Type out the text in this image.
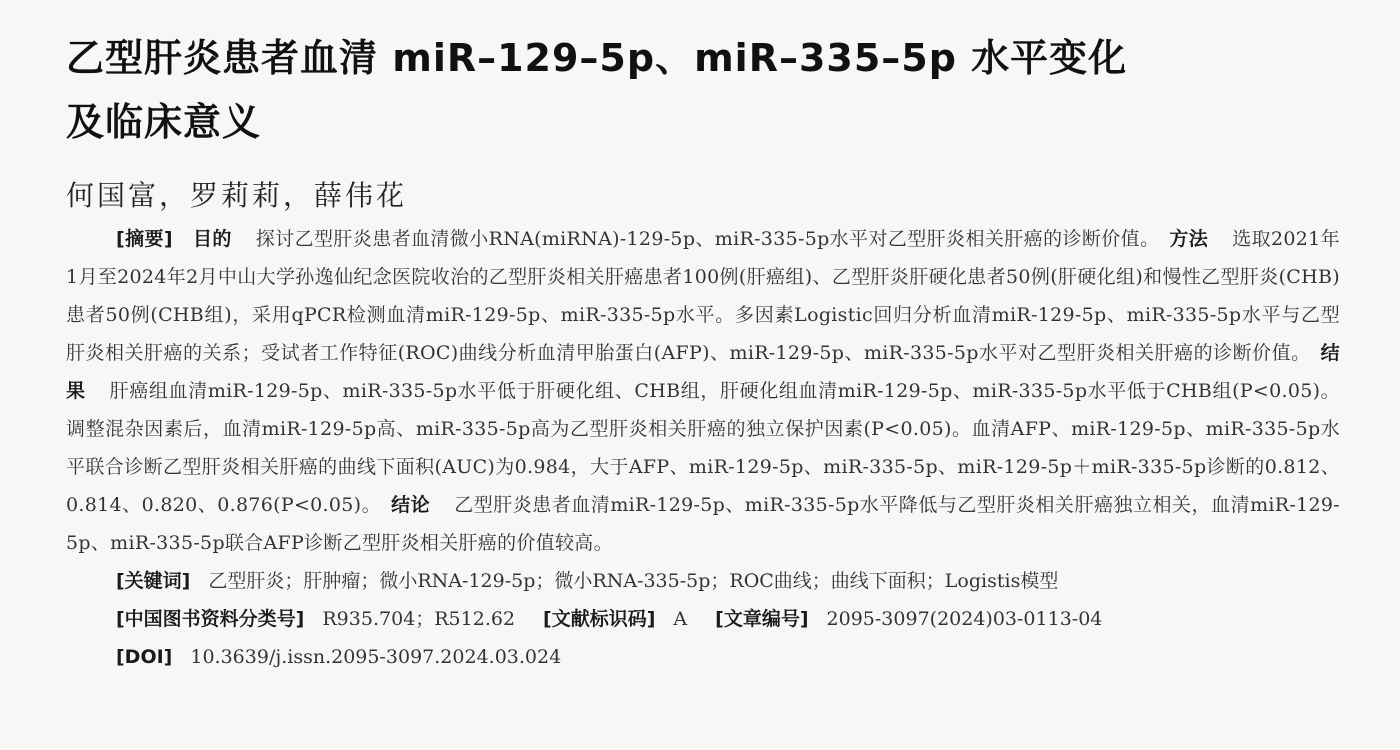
乙型肝炎患者血清 miR–129–5p、miR–335–5p 水平变化
及临床意义
何国富，罗莉莉，薛伟花

[摘要] 目的 探讨乙型肝炎患者血清微小RNA(miRNA)-129-5p、miR-335-5p水平对乙型肝炎相关肝癌的诊断价值。　 方法 选取2021年1月至2024年2月中山大学孙逸仙纪念医院收治的乙型肝炎相关肝癌患者100例(肝癌组)、乙型肝炎肝硬化患者50例(肝硬化组)和慢性乙型肝炎(CHB)患者50例(CHB组)，采用qPCR检测血清miR-129-5p、miR-335-5p水平。多因素Logistic回归分析血清miR-129-5p、miR-335-5p水平与乙型肝炎相关肝癌的关系；受试者工作特征(ROC)曲线分析血清甲胎蛋白(AFP)、miR-129-5p、miR-335-5p水平对乙型肝炎相关肝癌的诊断价值。　 结果 肝癌组血清miR-129-5p、miR-335-5p水平低于肝硬化组、CHB组，肝硬化组血清miR-129-5p、miR-335-5p水平低于CHB组(P<0.05)。调整混杂因素后，血清miR-129-5p高、miR-335-5p高为乙型肝炎相关肝癌的独立保护因素(P<0.05)。血清AFP、miR-129-5p、miR-335-5p水平联合诊断乙型肝炎相关肝癌的曲线下面积(AUC)为0.984，大于AFP、miR-129-5p、miR-335-5p、miR-129-5p＋miR-335-5p诊断的0.812、0.814、0.820、0.876(P<0.05)。　 结论 乙型肝炎患者血清miR-129-5p、miR-335-5p水平降低与乙型肝炎相关肝癌独立相关，血清miR-129-5p、miR-335-5p联合AFP诊断乙型肝炎相关肝癌的价值较高。

[关键词] 乙型肝炎；肝肿瘤；微小RNA-129-5p；微小RNA-335-5p；ROC曲线；曲线下面积；Logistis模型
[中国图书资料分类号] R935.704；R512.62 [文献标识码] A [文章编号] 2095-3097(2024)03-0113-04
[DOI] 10.3639/j.issn.2095-3097.2024.03.024
